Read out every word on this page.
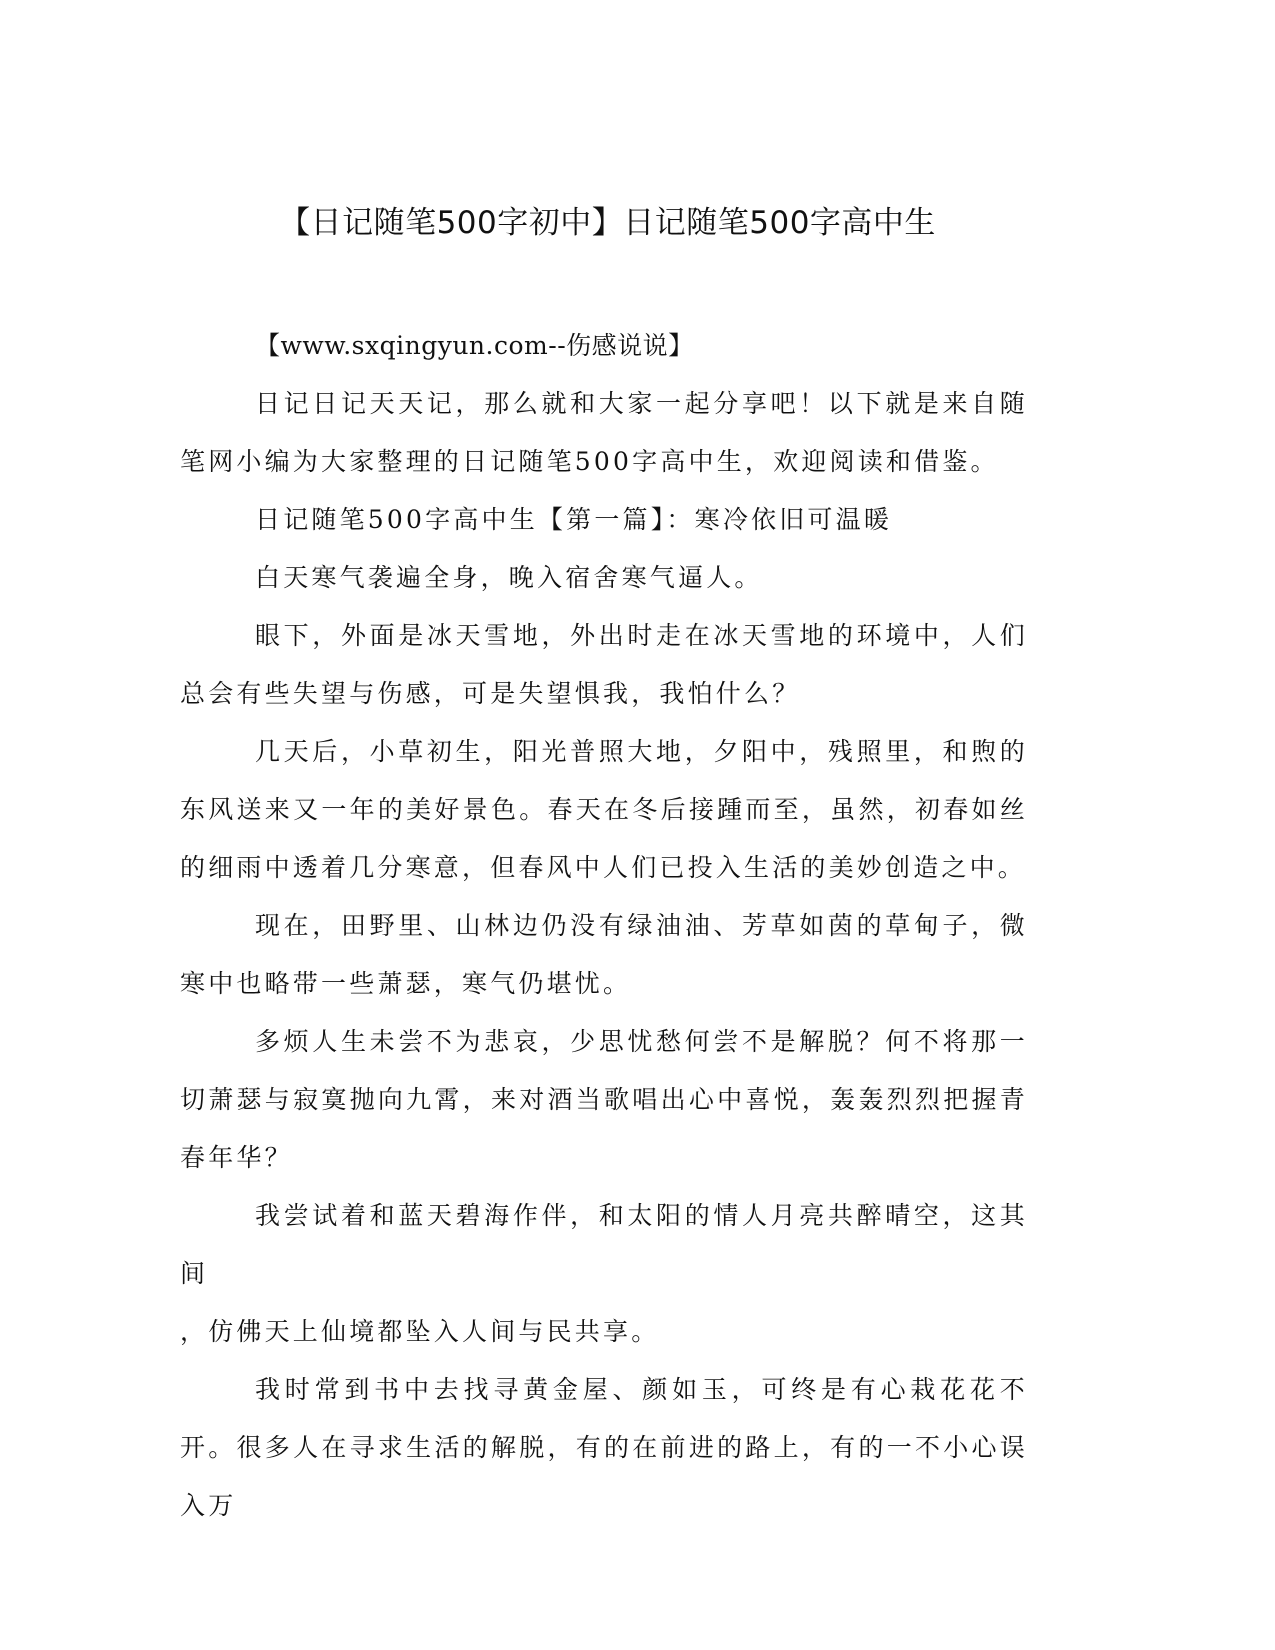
【日记随笔500字初中】日记随笔500字高中生

【www.sxqingyun.com--伤感说说】

日记日记天天记，那么就和大家一起分享吧！以下就是来自随笔网小编为大家整理的日记随笔500字高中生，欢迎阅读和借鉴。

日记随笔500字高中生【第一篇】：寒冷依旧可温暖

白天寒气袭遍全身，晚入宿舍寒气逼人。

眼下，外面是冰天雪地，外出时走在冰天雪地的环境中，人们总会有些失望与伤感，可是失望惧我，我怕什么？

几天后，小草初生，阳光普照大地，夕阳中，残照里，和煦的东风送来又一年的美好景色。春天在冬后接踵而至，虽然，初春如丝的细雨中透着几分寒意，但春风中人们已投入生活的美妙创造之中。

现在，田野里、山林边仍没有绿油油、芳草如茵的草甸子，微寒中也略带一些萧瑟，寒气仍堪忧。

多烦人生未尝不为悲哀，少思忧愁何尝不是解脱？何不将那一切萧瑟与寂寞抛向九霄，来对酒当歌唱出心中喜悦，轰轰烈烈把握青春年华？

我尝试着和蓝天碧海作伴，和太阳的情人月亮共醉晴空，这其间

，仿佛天上仙境都坠入人间与民共享。

我时常到书中去找寻黄金屋、颜如玉，可终是有心栽花花不开。很多人在寻求生活的解脱，有的在前进的路上，有的一不小心误入万
